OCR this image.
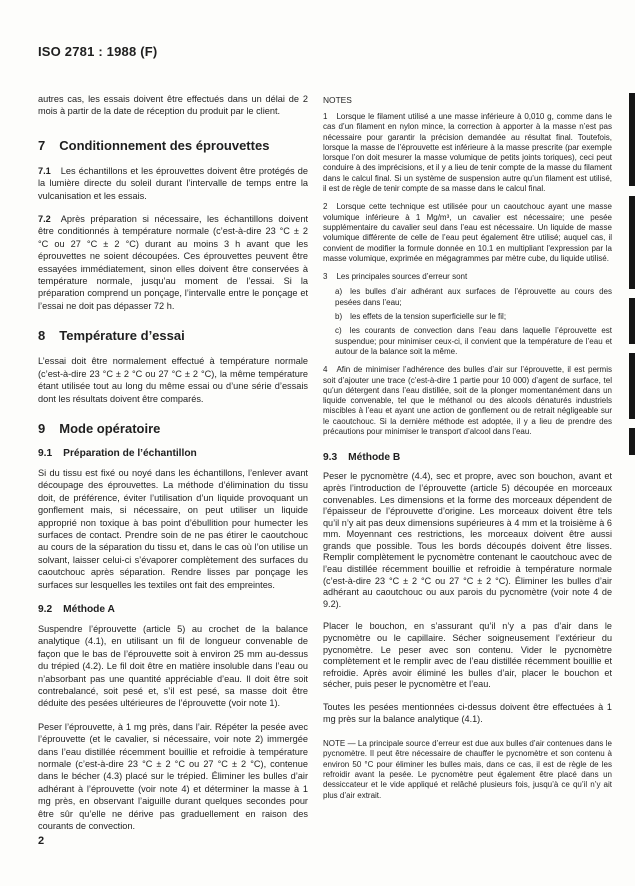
ISO 2781 : 1988 (F)

autres cas, les essais doivent être effectués dans un délai de 2 mois à partir de la date de réception du produit par le client.

7 Conditionnement des éprouvettes

7.1 Les échantillons et les éprouvettes doivent être protégés de la lumière directe du soleil durant l’intervalle de temps entre la vulcanisation et les essais.

7.2 Après préparation si nécessaire, les échantillons doivent être conditionnés à température normale (c’est-à-dire 23 °C ± 2 °C ou 27 °C ± 2 °C) durant au moins 3 h avant que les éprouvettes ne soient découpées. Ces éprouvettes peuvent être essayées immédiatement, sinon elles doivent être conservées à température normale, jusqu’au moment de l’essai. Si la préparation comprend un ponçage, l’intervalle entre le ponçage et l’essai ne doit pas dépasser 72 h.

8 Température d’essai

L’essai doit être normalement effectué à température normale (c’est-à-dire 23 °C ± 2 °C ou 27 °C ± 2 °C), la même température étant utilisée tout au long du même essai ou d’une série d’essais dont les résultats doivent être comparés.

9 Mode opératoire
9.1 Préparation de l’échantillon

Si du tissu est fixé ou noyé dans les échantillons, l’enlever avant découpage des éprouvettes. La méthode d’élimination du tissu doit, de préférence, éviter l’utilisation d’un liquide provoquant un gonflement mais, si nécessaire, on peut utiliser un liquide approprié non toxique à bas point d’ébullition pour humecter les surfaces de contact. Prendre soin de ne pas étirer le caoutchouc au cours de la séparation du tissu et, dans le cas où l’on utilise un solvant, laisser celui-ci s’évaporer complètement des surfaces du caoutchouc après séparation. Rendre lisses par ponçage les surfaces sur lesquelles les textiles ont fait des empreintes.

9.2 Méthode A

Suspendre l’éprouvette (article 5) au crochet de la balance analytique (4.1), en utilisant un fil de longueur convenable de façon que le bas de l’éprouvette soit à environ 25 mm au-dessus du trépied (4.2). Le fil doit être en matière insoluble dans l’eau ou n’absorbant pas une quantité appréciable d’eau. Il doit être soit contrebalancé, soit pesé et, s’il est pesé, sa masse doit être déduite des pesées ultérieures de l’éprouvette (voir note 1).

Peser l’éprouvette, à 1 mg près, dans l’air. Répéter la pesée avec l’éprouvette (et le cavalier, si nécessaire, voir note 2) immergée dans l’eau distillée récemment bouillie et refroidie à température normale (c’est-à-dire 23 °C ± 2 °C ou 27 °C ± 2 °C), contenue dans le bécher (4.3) placé sur le trépied. Éliminer les bulles d’air adhérant à l’éprouvette (voir note 4) et déterminer la masse à 1 mg près, en observant l’aiguille durant quelques secondes pour être sûr qu’elle ne dérive pas graduellement en raison des courants de convection.

NOTES

1 Lorsque le filament utilisé a une masse inférieure à 0,010 g, comme dans le cas d’un filament en nylon mince, la correction à apporter à la masse n’est pas nécessaire pour garantir la précision demandée au résultat final. Toutefois, lorsque la masse de l’éprouvette est inférieure à la masse prescrite (par exemple lorsque l’on doit mesurer la masse volumique de petits joints toriques), ceci peut conduire à des imprécisions, et il y a lieu de tenir compte de la masse du filament dans le calcul final. Si un système de suspension autre qu’un filament est utilisé, il est de règle de tenir compte de sa masse dans le calcul final.

2 Lorsque cette technique est utilisée pour un caoutchouc ayant une masse volumique inférieure à 1 Mg/m³, un cavalier est nécessaire; une pesée supplémentaire du cavalier seul dans l’eau est nécessaire. Un liquide de masse volumique différente de celle de l’eau peut également être utilisé; auquel cas, il convient de modifier la formule donnée en 10.1 en multipliant l’expression par la masse volumique, exprimée en mégagrammes par mètre cube, du liquide utilisé.

3 Les principales sources d’erreur sont

a) les bulles d’air adhérant aux surfaces de l’éprouvette au cours des pesées dans l’eau;

b) les effets de la tension superficielle sur le fil;

c) les courants de convection dans l’eau dans laquelle l’éprouvette est suspendue; pour minimiser ceux-ci, il convient que la température de l’eau et autour de la balance soit la même.

4 Afin de minimiser l’adhérence des bulles d’air sur l’éprouvette, il est permis soit d’ajouter une trace (c’est-à-dire 1 partie pour 10 000) d’agent de surface, tel qu’un détergent dans l’eau distillée, soit de la plonger momentanément dans un liquide convenable, tel que le méthanol ou des alcools dénaturés industriels miscibles à l’eau et ayant une action de gonflement ou de retrait négligeable sur le caoutchouc. Si la dernière méthode est adoptée, il y a lieu de prendre des précautions pour minimiser le transport d’alcool dans l’eau.

9.3 Méthode B

Peser le pycnomètre (4.4), sec et propre, avec son bouchon, avant et après l’introduction de l’éprouvette (article 5) découpée en morceaux convenables. Les dimensions et la forme des morceaux dépendent de l’épaisseur de l’éprouvette d’origine. Les morceaux doivent être tels qu’il n’y ait pas deux dimensions supérieures à 4 mm et la troisième à 6 mm. Moyennant ces restrictions, les morceaux doivent être aussi grands que possible. Tous les bords découpés doivent être lisses. Remplir complètement le pycnomètre contenant le caoutchouc avec de l’eau distillée récemment bouillie et refroidie à température normale (c’est-à-dire 23 °C ± 2 °C ou 27 °C ± 2 °C). Éliminer les bulles d’air adhérant au caoutchouc ou aux parois du pycnomètre (voir note 4 de 9.2).

Placer le bouchon, en s’assurant qu’il n’y a pas d’air dans le pycnomètre ou le capillaire. Sécher soigneusement l’extérieur du pycnomètre. Le peser avec son contenu. Vider le pycnomètre complètement et le remplir avec de l’eau distillée récemment bouillie et refroidie. Après avoir éliminé les bulles d’air, placer le bouchon et sécher, puis peser le pycnomètre et l’eau.

Toutes les pesées mentionnées ci-dessus doivent être effectuées à 1 mg près sur la balance analytique (4.1).

NOTE — La principale source d’erreur est due aux bulles d’air contenues dans le pycnomètre. Il peut être nécessaire de chauffer le pycnomètre et son contenu à environ 50 °C pour éliminer les bulles mais, dans ce cas, il est de règle de les refroidir avant la pesée. Le pycnomètre peut également être placé dans un dessiccateur et le vide appliqué et relâché plusieurs fois, jusqu’à ce qu’il n’y ait plus d’air extrait.

2
